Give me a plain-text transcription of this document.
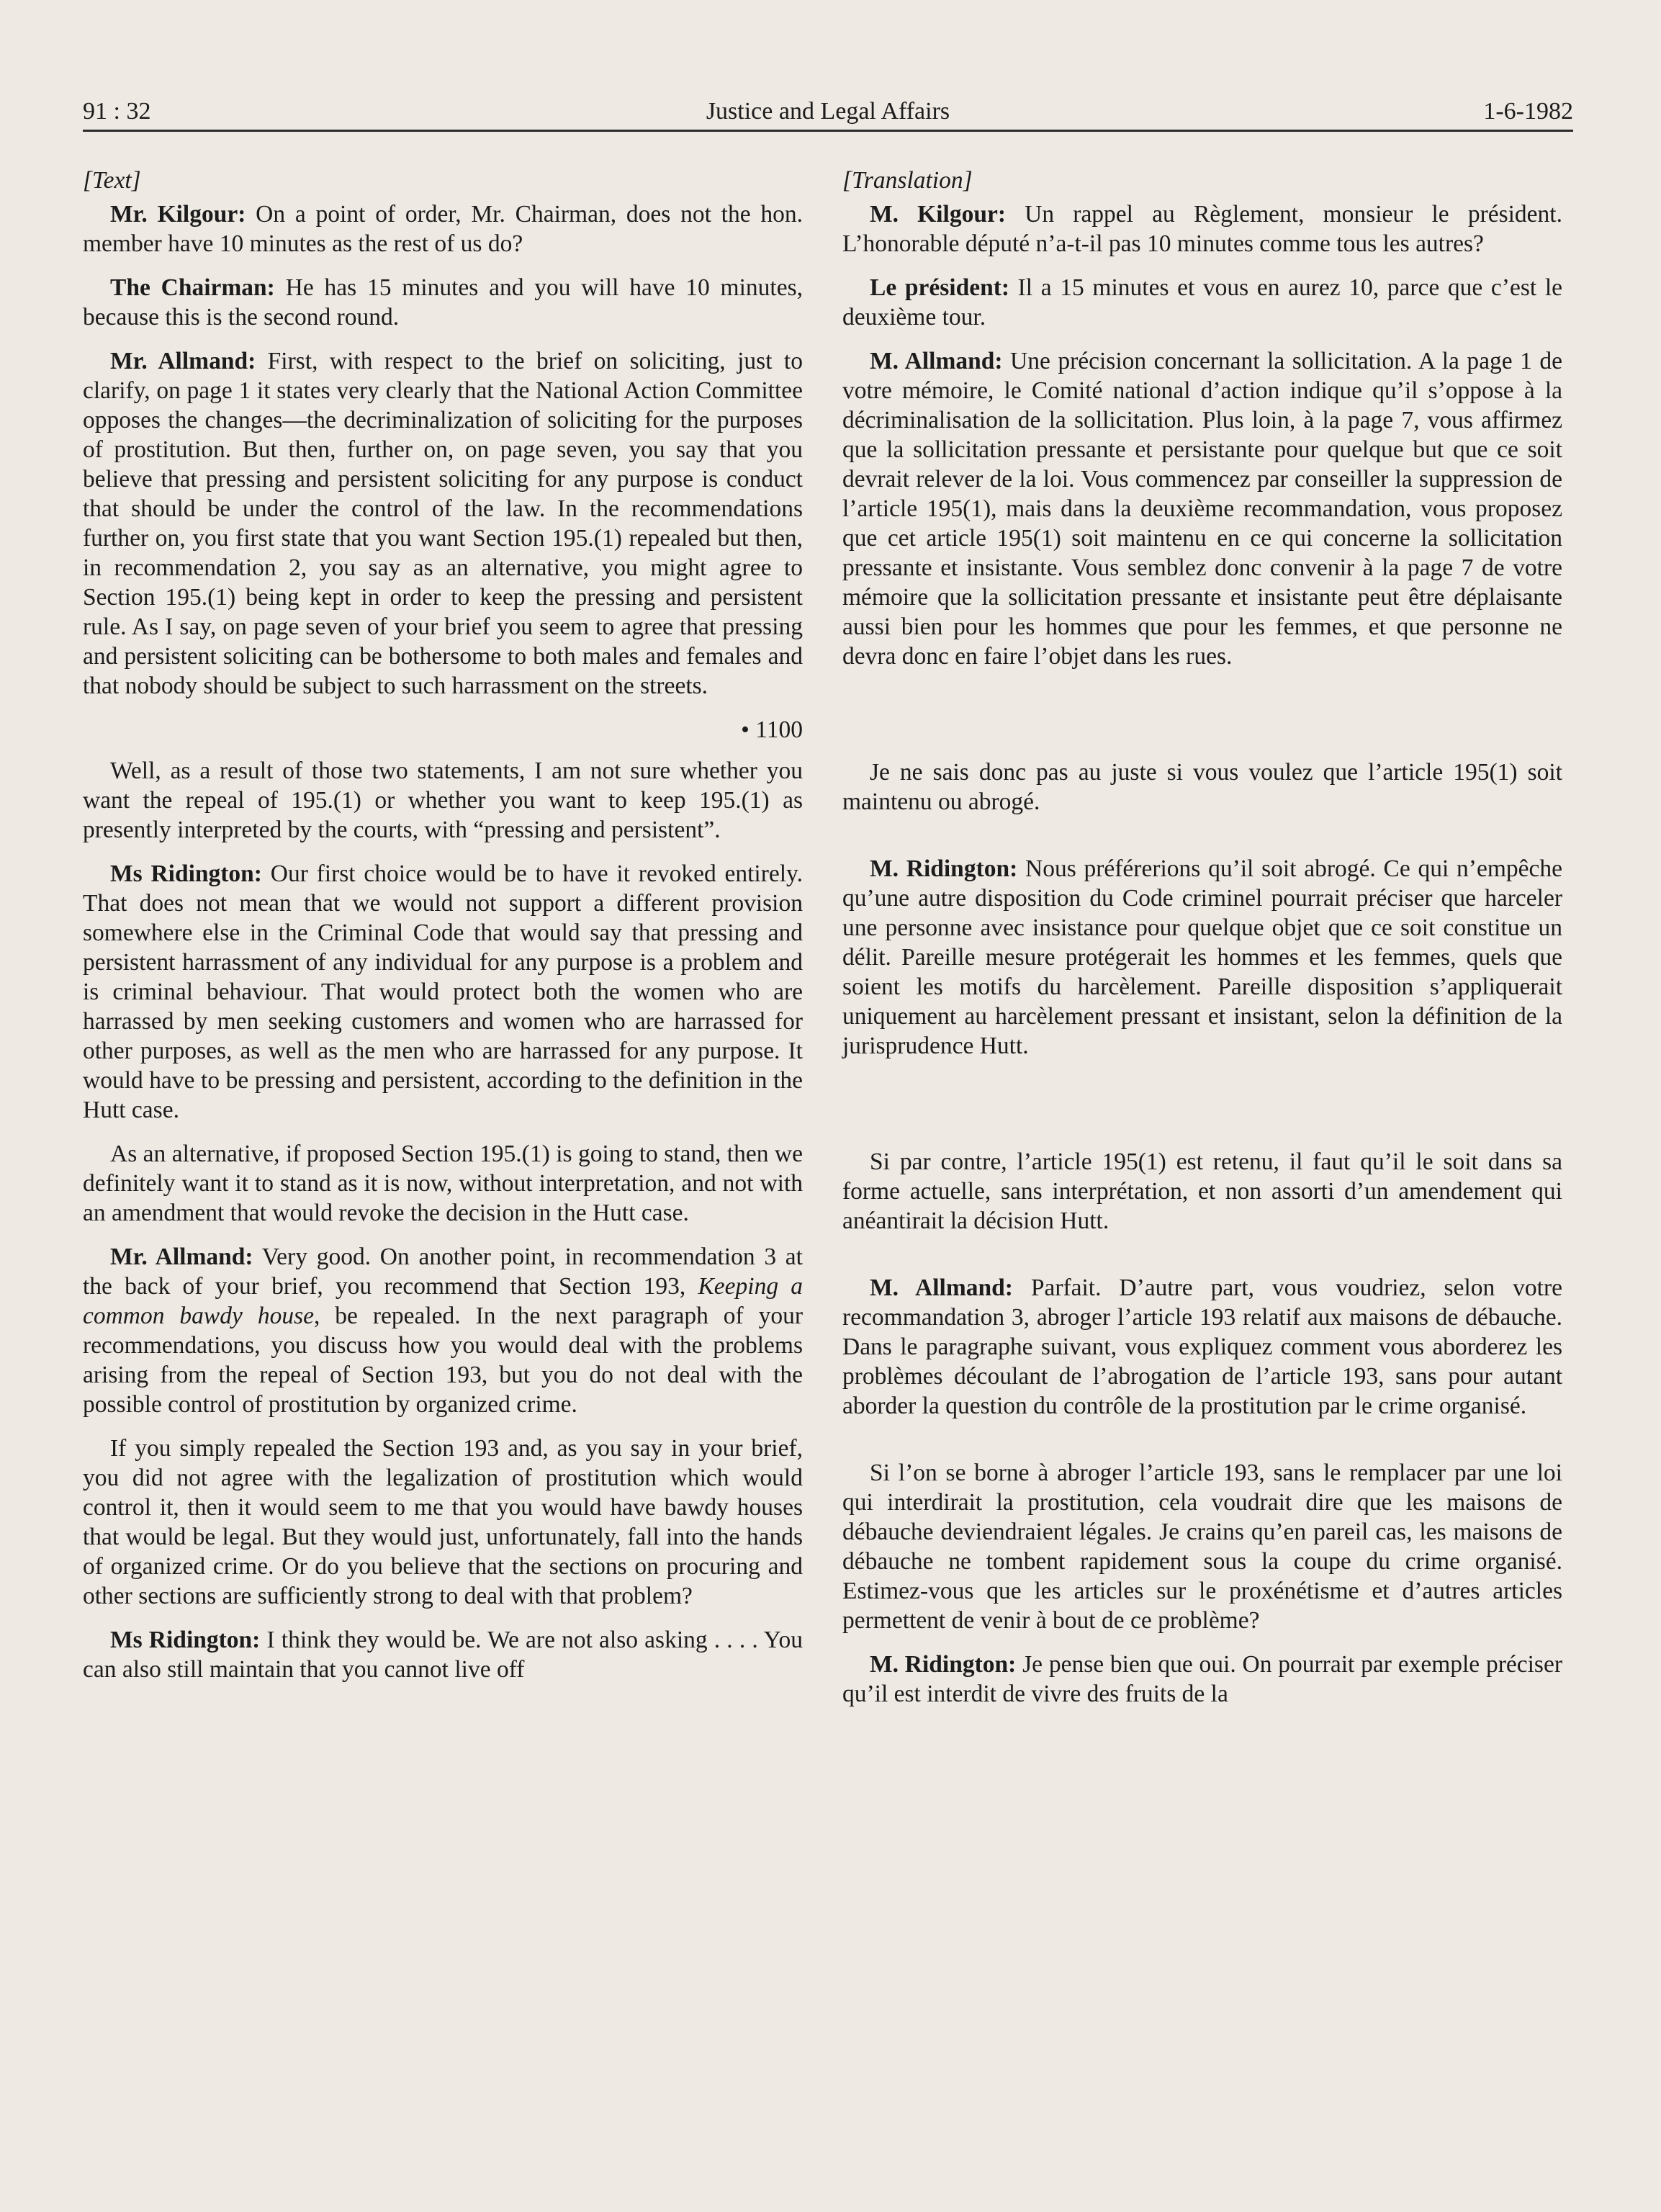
91 : 32	Justice and Legal Affairs	1-6-1982

[Text]

Mr. Kilgour: On a point of order, Mr. Chairman, does not the hon. member have 10 minutes as the rest of us do?

The Chairman: He has 15 minutes and you will have 10 minutes, because this is the second round.

Mr. Allmand: First, with respect to the brief on soliciting, just to clarify, on page 1 it states very clearly that the National Action Committee opposes the changes—the decriminalization of soliciting for the purposes of prostitution. But then, further on, on page seven, you say that you believe that pressing and persistent soliciting for any purpose is conduct that should be under the control of the law. In the recommendations further on, you first state that you want Section 195.(1) repealed but then, in recommendation 2, you say as an alternative, you might agree to Section 195.(1) being kept in order to keep the pressing and persistent rule. As I say, on page seven of your brief you seem to agree that pressing and persistent soliciting can be bothersome to both males and females and that nobody should be subject to such harrassment on the streets.

• 1100

Well, as a result of those two statements, I am not sure whether you want the repeal of 195.(1) or whether you want to keep 195.(1) as presently interpreted by the courts, with “pressing and persistent”.

Ms Ridington: Our first choice would be to have it revoked entirely. That does not mean that we would not support a different provision somewhere else in the Criminal Code that would say that pressing and persistent harrassment of any individual for any purpose is a problem and is criminal behaviour. That would protect both the women who are harrassed by men seeking customers and women who are harrassed for other purposes, as well as the men who are harrassed for any purpose. It would have to be pressing and persistent, according to the definition in the Hutt case.

As an alternative, if proposed Section 195.(1) is going to stand, then we definitely want it to stand as it is now, without interpretation, and not with an amendment that would revoke the decision in the Hutt case.

Mr. Allmand: Very good. On another point, in recommendation 3 at the back of your brief, you recommend that Section 193, Keeping a common bawdy house, be repealed. In the next paragraph of your recommendations, you discuss how you would deal with the problems arising from the repeal of Section 193, but you do not deal with the possible control of prostitution by organized crime.

If you simply repealed the Section 193 and, as you say in your brief, you did not agree with the legalization of prostitution which would control it, then it would seem to me that you would have bawdy houses that would be legal. But they would just, unfortunately, fall into the hands of organized crime. Or do you believe that the sections on procuring and other sections are sufficiently strong to deal with that problem?

Ms Ridington: I think they would be. We are not also asking . . . . You can also still maintain that you cannot live off

[Translation]

M. Kilgour: Un rappel au Règlement, monsieur le président. L’honorable député n’a-t-il pas 10 minutes comme tous les autres?

Le président: Il a 15 minutes et vous en aurez 10, parce que c’est le deuxième tour.

M. Allmand: Une précision concernant la sollicitation. A la page 1 de votre mémoire, le Comité national d’action indique qu’il s’oppose à la décriminalisation de la sollicitation. Plus loin, à la page 7, vous affirmez que la sollicitation pressante et persistante pour quelque but que ce soit devrait relever de la loi. Vous commencez par conseiller la suppression de l’article 195(1), mais dans la deuxième recommandation, vous proposez que cet article 195(1) soit maintenu en ce qui concerne la sollicitation pressante et insistante. Vous semblez donc convenir à la page 7 de votre mémoire que la sollicitation pressante et insistante peut être déplaisante aussi bien pour les hommes que pour les femmes, et que personne ne devra donc en faire l’objet dans les rues.

Je ne sais donc pas au juste si vous voulez que l’article 195(1) soit maintenu ou abrogé.

M. Ridington: Nous préférerions qu’il soit abrogé. Ce qui n’empêche qu’une autre disposition du Code criminel pourrait préciser que harceler une personne avec insistance pour quelque objet que ce soit constitue un délit. Pareille mesure protégerait les hommes et les femmes, quels que soient les motifs du harcèlement. Pareille disposition s’appliquerait uniquement au harcèlement pressant et insistant, selon la définition de la jurisprudence Hutt.

Si par contre, l’article 195(1) est retenu, il faut qu’il le soit dans sa forme actuelle, sans interprétation, et non assorti d’un amendement qui anéantirait la décision Hutt.

M. Allmand: Parfait. D’autre part, vous voudriez, selon votre recommandation 3, abroger l’article 193 relatif aux maisons de débauche. Dans le paragraphe suivant, vous expliquez comment vous aborderez les problèmes découlant de l’abrogation de l’article 193, sans pour autant aborder la question du contrôle de la prostitution par le crime organisé.

Si l’on se borne à abroger l’article 193, sans le remplacer par une loi qui interdirait la prostitution, cela voudrait dire que les maisons de débauche deviendraient légales. Je crains qu’en pareil cas, les maisons de débauche ne tombent rapidement sous la coupe du crime organisé. Estimez-vous que les articles sur le proxénétisme et d’autres articles permettent de venir à bout de ce problème?

M. Ridington: Je pense bien que oui. On pourrait par exemple préciser qu’il est interdit de vivre des fruits de la
